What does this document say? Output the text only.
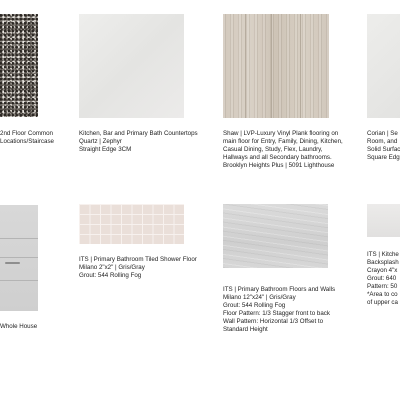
2nd Floor Common
Locations/Staircase
Kitchen, Bar and Primary Bath Countertops
Quartz | Zephyr
Straight Edge 3CM
Shaw | LVP-Luxury Vinyl Plank flooring on
main floor for Entry, Family, Dining, Kitchen,
Casual Dining, Study, Flex, Laundry,
Hallways and all Secondary bathrooms.
Brooklyn Heights Plus | 5091 Lighthouse
Corian | Se
Room, and
Solid Surfac
Square Edg
Whole House
ITS | Primary Bathroom Tiled Shower Floor
Milano 2"x2" | Gris/Gray
Grout: 544 Rolling Fog
ITS | Primary Bathroom Floors and Walls
Milano 12"x24" | Gris/Gray
Grout: 544 Rolling Fog
Floor Pattern: 1/3 Stagger front to back
Wall Pattern: Horizontal 1/3 Offset to
Standard Height
ITS | Kitche
Backsplash
Crayon 4"x
Grout: 640
Pattern: 50
*Area to co
of upper ca
